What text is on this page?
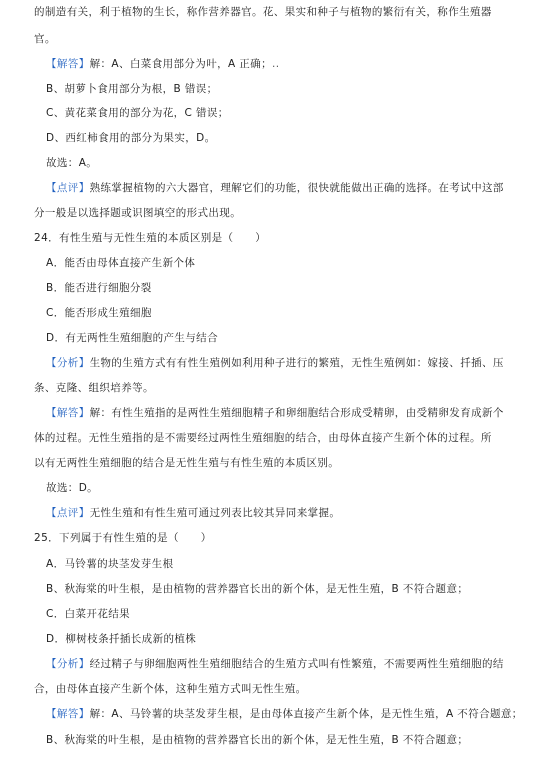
的制造有关，利于植物的生长，称作营养器官。花、果实和种子与植物的繁衍有关，称作生殖器
官。
【解答】解：A、白菜食用部分为叶，A 正确；..
B、胡萝卜食用部分为根，B 错误；
C、黄花菜食用的部分为花，C 错误；
D、西红柿食用的部分为果实，D。
故选：A。
【点评】熟练掌握植物的六大器官，理解它们的功能，很快就能做出正确的选择。在考试中这部
分一般是以选择题或识图填空的形式出现。
24．有性生殖与无性生殖的本质区别是（　　）
A．能否由母体直接产生新个体
B．能否进行细胞分裂
C．能否形成生殖细胞
D．有无两性生殖细胞的产生与结合
【分析】生物的生殖方式有有性生殖例如利用种子进行的繁殖，无性生殖例如：嫁接、扦插、压
条、克隆、组织培养等。
【解答】解：有性生殖指的是两性生殖细胞精子和卵细胞结合形成受精卵，由受精卵发育成新个
体的过程。无性生殖指的是不需要经过两性生殖细胞的结合，由母体直接产生新个体的过程。所
以有无两性生殖细胞的结合是无性生殖与有性生殖的本质区别。
故选：D。
【点评】无性生殖和有性生殖可通过列表比较其异同来掌握。
25．下列属于有性生殖的是（　　）
A．马铃薯的块茎发芽生根
B、秋海棠的叶生根，是由植物的营养器官长出的新个体，是无性生殖，B 不符合题意；
C．白菜开花结果
D．柳树枝条扦插长成新的植株
【分析】经过精子与卵细胞两性生殖细胞结合的生殖方式叫有性繁殖，不需要两性生殖细胞的结
合，由母体直接产生新个体，这种生殖方式叫无性生殖。
【解答】解：A、马铃薯的块茎发芽生根，是由母体直接产生新个体，是无性生殖，A 不符合题意；
B、秋海棠的叶生根，是由植物的营养器官长出的新个体，是无性生殖，B 不符合题意；
